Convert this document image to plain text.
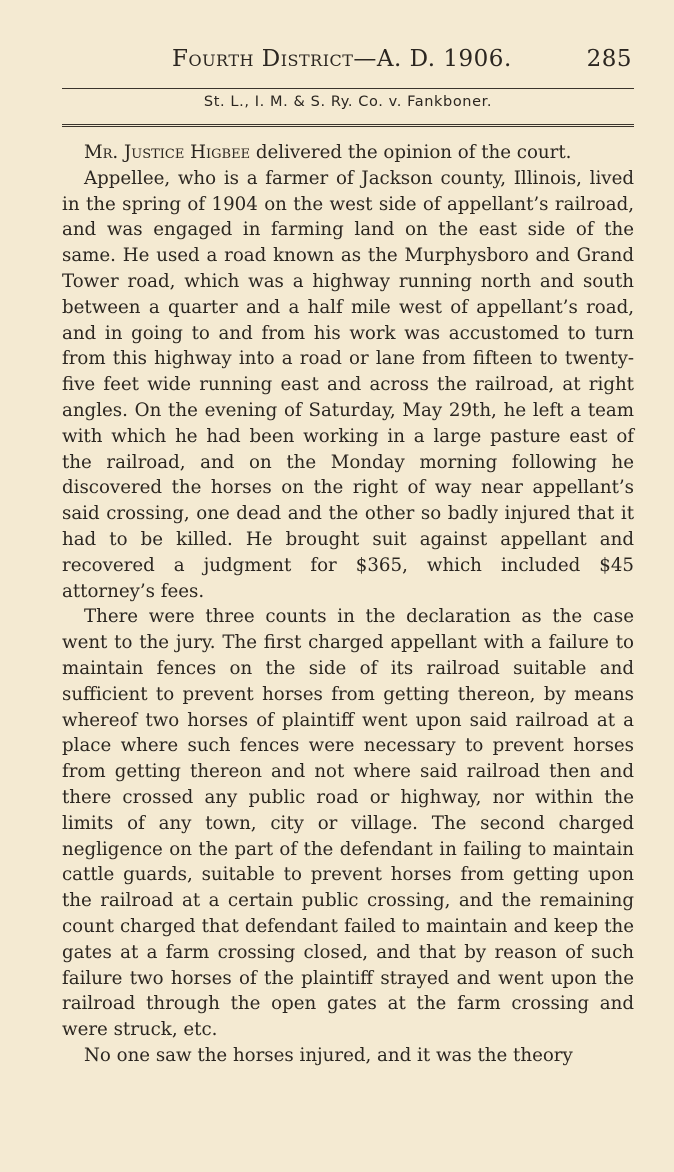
Fourth District—A. D. 1906.	285
St. L., I. M. & S. Ry. Co. v. Fankboner.

Mr. Justice Higbee delivered the opinion of the court.

Appellee, who is a farmer of Jackson county, Illinois, lived in the spring of 1904 on the west side of appellant’s railroad, and was engaged in farming land on the east side of the same. He used a road known as the Murphysboro and Grand Tower road, which was a highway running north and south between a quarter and a half mile west of appellant’s road, and in going to and from his work was accustomed to turn from this highway into a road or lane from fifteen to twenty-five feet wide running east and across the railroad, at right angles. On the evening of Saturday, May 29th, he left a team with which he had been working in a large pasture east of the railroad, and on the Monday morning following he discovered the horses on the right of way near appellant’s said crossing, one dead and the other so badly injured that it had to be killed. He brought suit against appellant and recovered a judgment for $365, which included $45 attorney’s fees.

There were three counts in the declaration as the case went to the jury. The first charged appellant with a failure to maintain fences on the side of its railroad suitable and sufficient to prevent horses from getting thereon, by means whereof two horses of plaintiff went upon said railroad at a place where such fences were necessary to prevent horses from getting thereon and not where said railroad then and there crossed any public road or highway, nor within the limits of any town, city or village. The second charged negligence on the part of the defendant in failing to maintain cattle guards, suitable to prevent horses from getting upon the railroad at a certain public crossing, and the remaining count charged that defendant failed to maintain and keep the gates at a farm crossing closed, and that by reason of such failure two horses of the plaintiff strayed and went upon the railroad through the open gates at the farm crossing and were struck, etc.

No one saw the horses injured, and it was the theory
